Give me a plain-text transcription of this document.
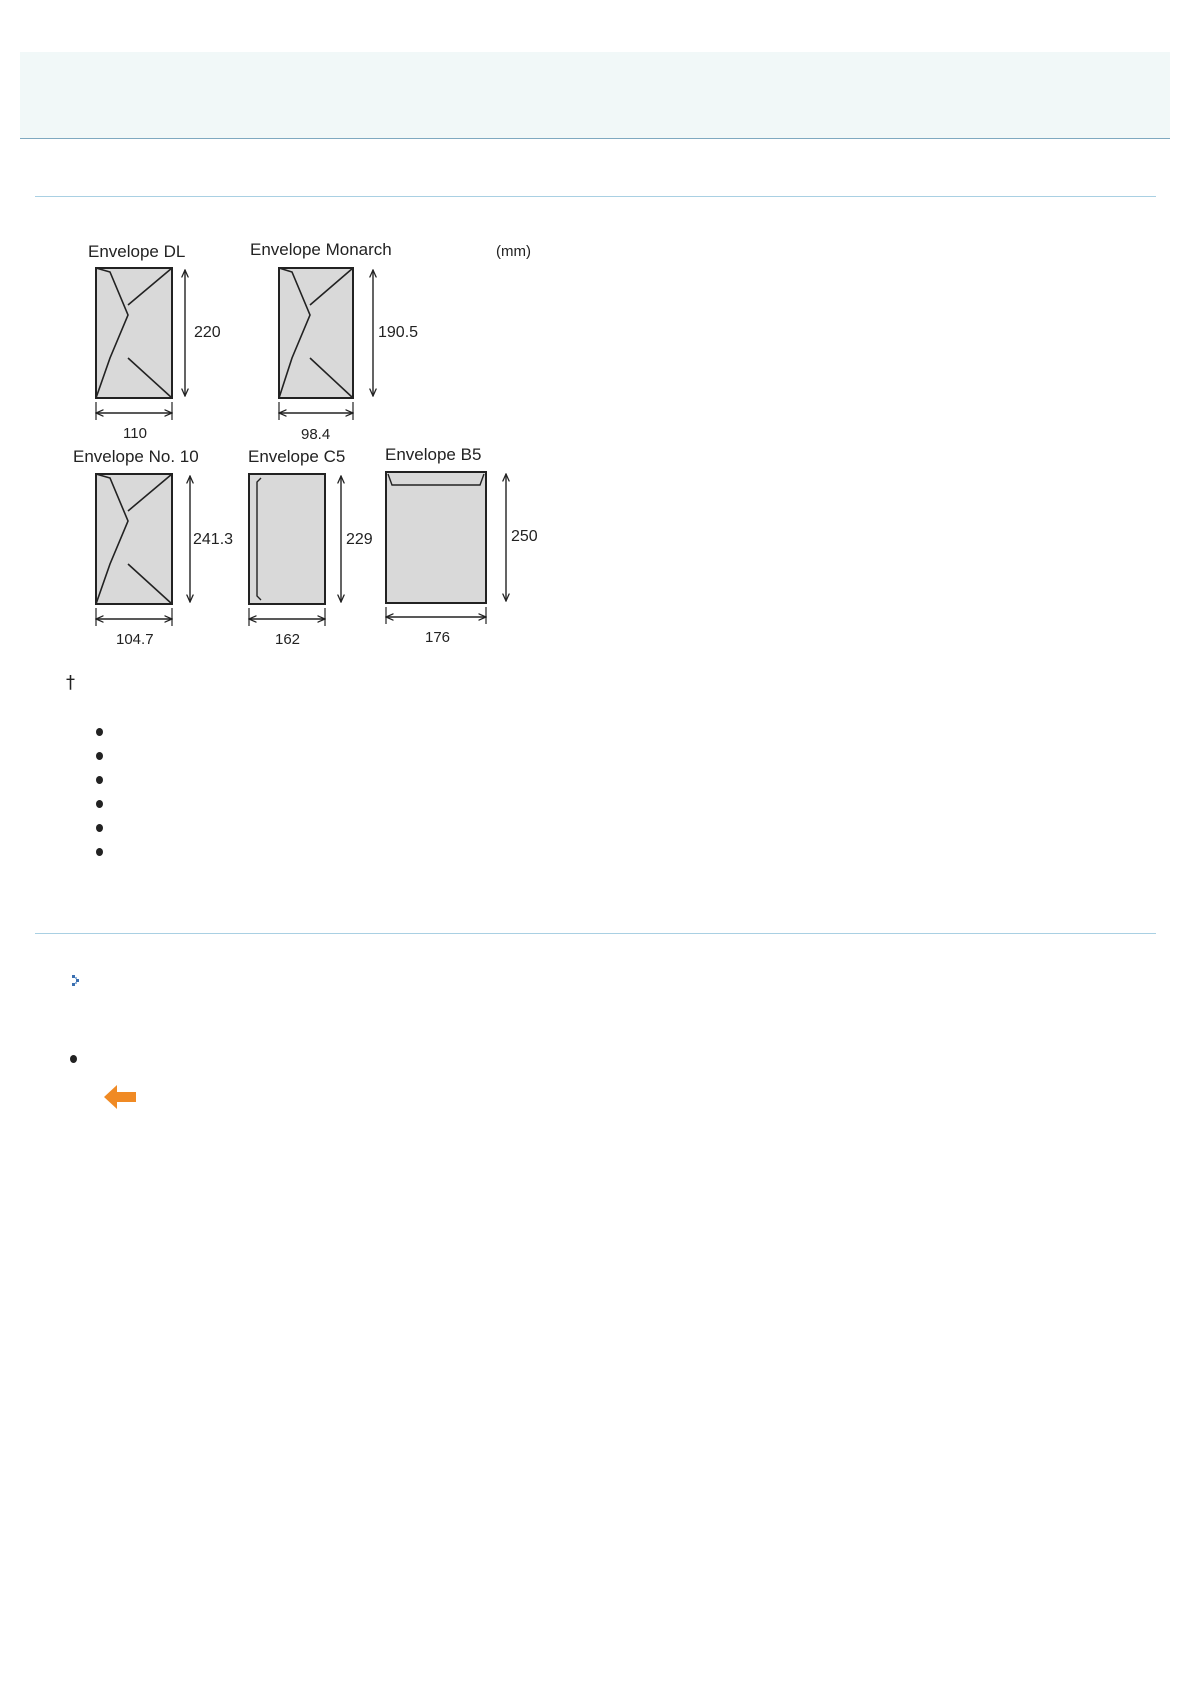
(mm)
Envelope DL
220
110
Envelope Monarch
190.5
98.4
Envelope No. 10
241.3
104.7
Envelope C5
229
162
Envelope B5
250
176
†
